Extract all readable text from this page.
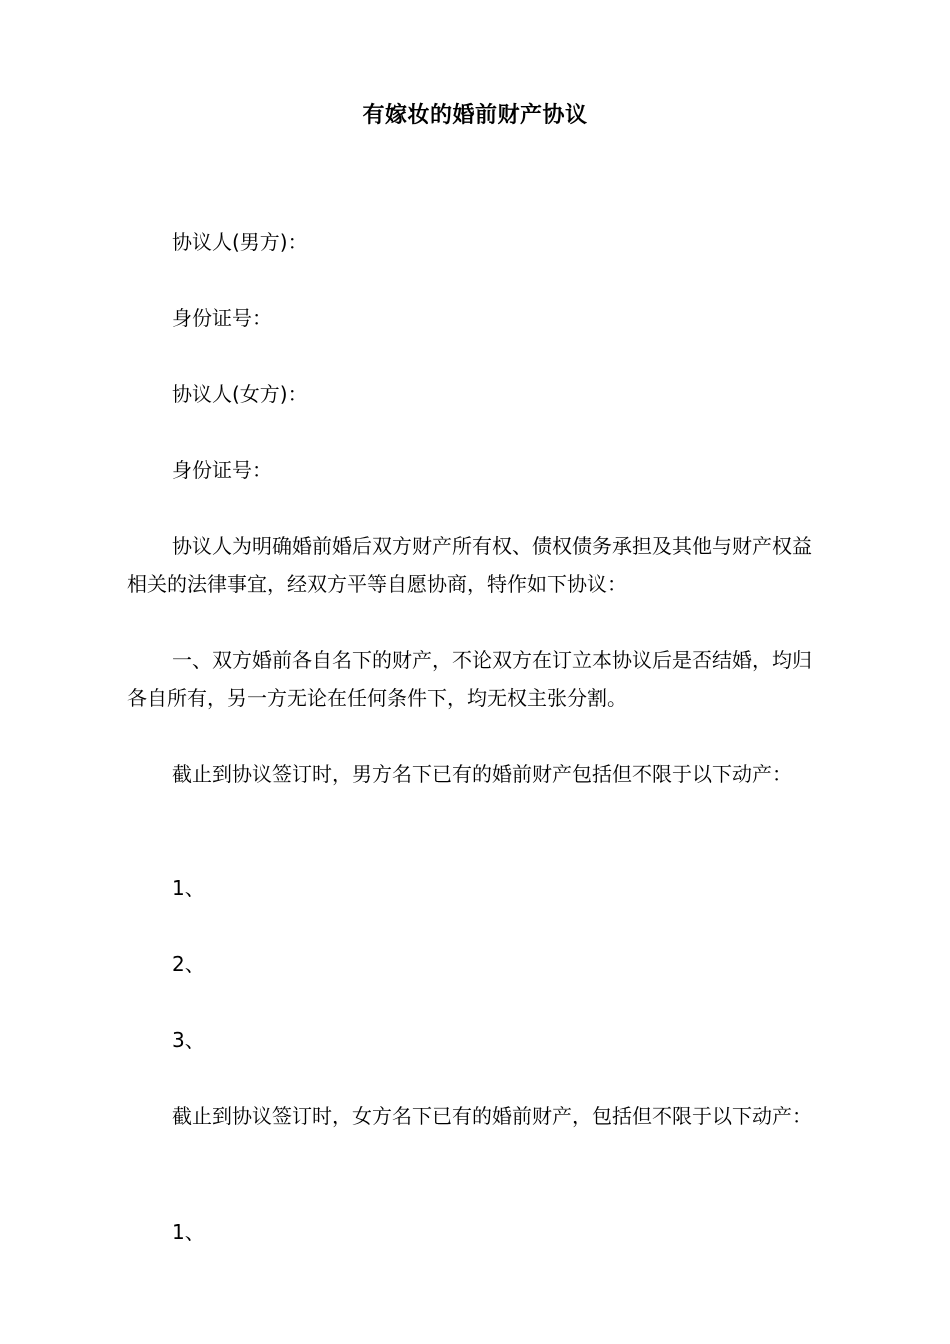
有嫁妆的婚前财产协议
协议人(男方)：
身份证号：
协议人(女方)：
身份证号：

协议人为明确婚前婚后双方财产所有权、债权债务承担及其他与财产权益相关的法律事宜，经双方平等自愿协商，特作如下协议：

一、双方婚前各自名下的财产，不论双方在订立本协议后是否结婚，均归各自所有，另一方无论在任何条件下，均无权主张分割。

截止到协议签订时，男方名下已有的婚前财产包括但不限于以下动产：

1、
2、
3、

截止到协议签订时，女方名下已有的婚前财产，包括但不限于以下动产：

1、
